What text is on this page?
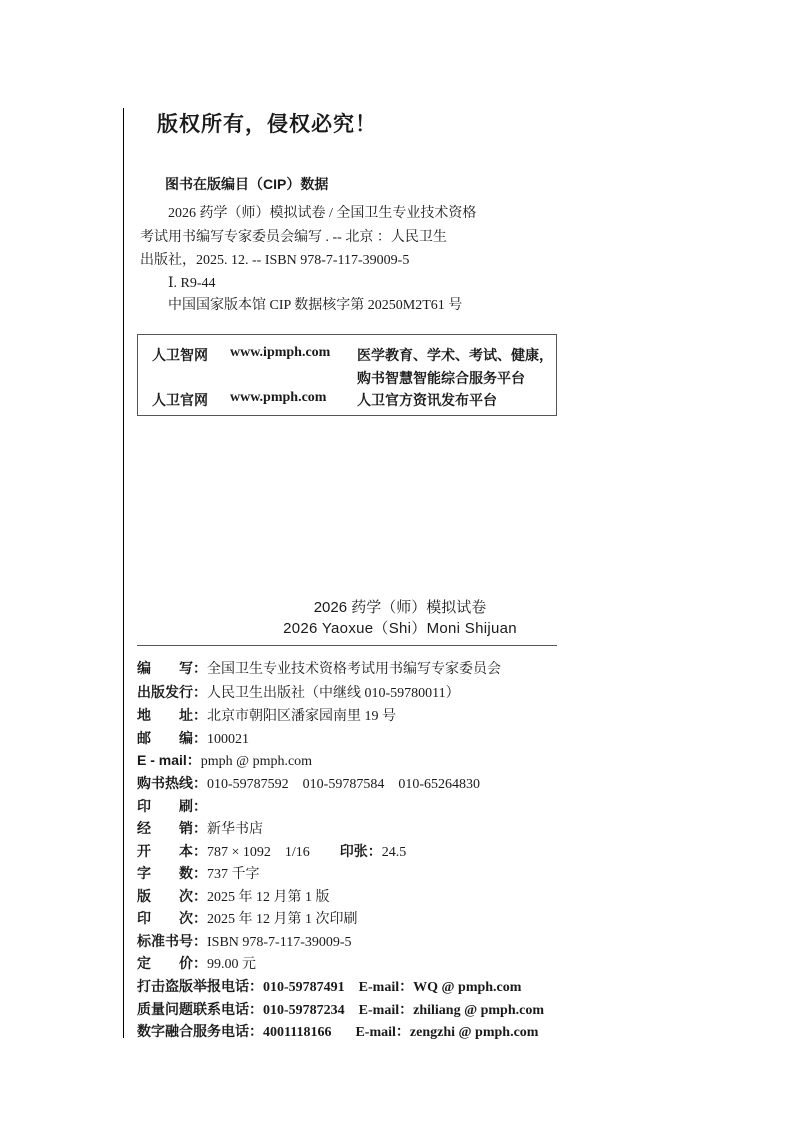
版权所有，侵权必究！
图书在版编目（CIP）数据
　　2026 药学（师）模拟试卷 / 全国卫生专业技术资格
考试用书编写专家委员会编写 . -- 北京 ：人民卫生
出版社，2025. 12. -- ISBN 978-7-117-39009-5
　　Ⅰ. R9-44
　　中国国家版本馆 CIP 数据核字第 20250M2T61 号
人卫智网 www.ipmph.com 医学教育、学术、考试、健康，
购书智慧智能综合服务平台
人卫官网 www.pmph.com 人卫官方资讯发布平台
2026 药学（师）模拟试卷
2026 Yaoxue（Shi）Moni Shijuan
编　　写：全国卫生专业技术资格考试用书编写专家委员会
出版发行：人民卫生出版社（中继线 010-59780011）
地　　址：北京市朝阳区潘家园南里 19 号
邮　　编：100021
E - mail：pmph @ pmph.com
购书热线：010-59787592　010-59787584　010-65264830
印　　刷：
经　　销：新华书店
开　　本：787 × 1092　1/16 印张：24.5
字　　数：737 千字
版　　次：2025 年 12 月第 1 版
印　　次：2025 年 12 月第 1 次印刷
标准书号：ISBN 978-7-117-39009-5
定　　价：99.00 元
打击盗版举报电话：010-59787491 E-mail：WQ @ pmph.com
质量问题联系电话：010-59787234 E-mail：zhiliang @ pmph.com
数字融合服务电话：4001118166 E-mail：zengzhi @ pmph.com
